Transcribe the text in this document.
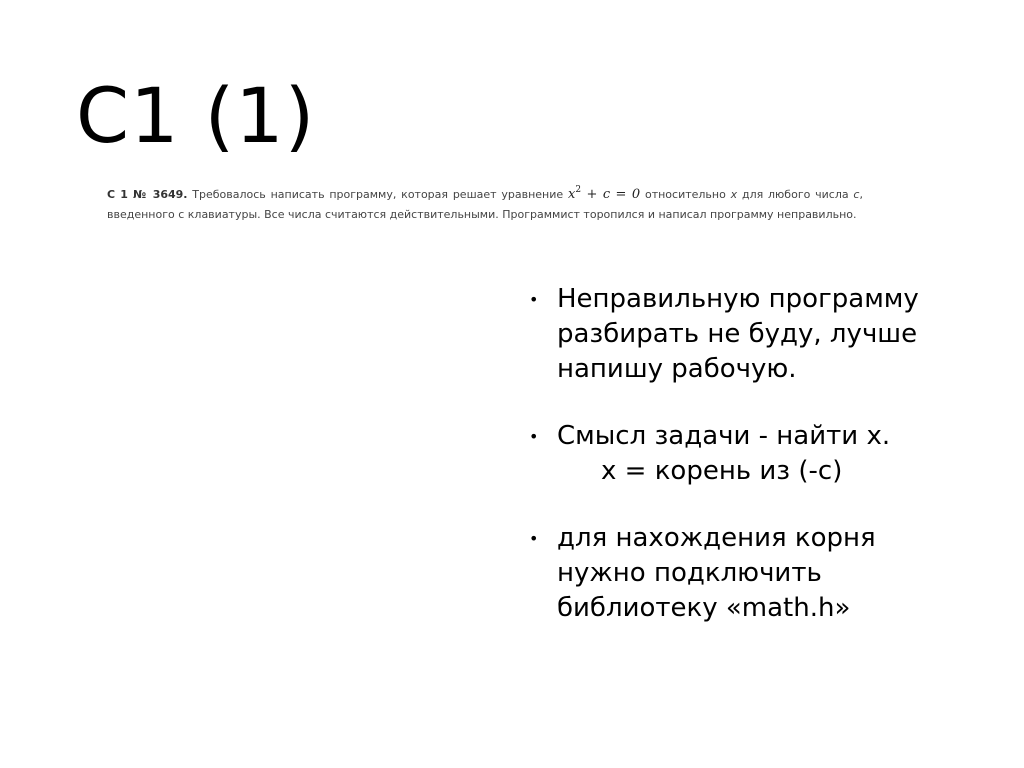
C1 (1)
С 1 № 3649. Требовалось написать программу, которая решает уравнение $x^2 + c = 0$ относительно x для любого числа с, введенного с клавиатуры. Все числа считаются действительными. Программист торопился и написал программу неправильно.
• Неправильную программу
разбирать не буду, лучше
напишу рабочую.
• Смысл задачи - найти x.
x = корень из (-c)
• для нахождения корня
нужно подключить
библиотеку «math.h»
